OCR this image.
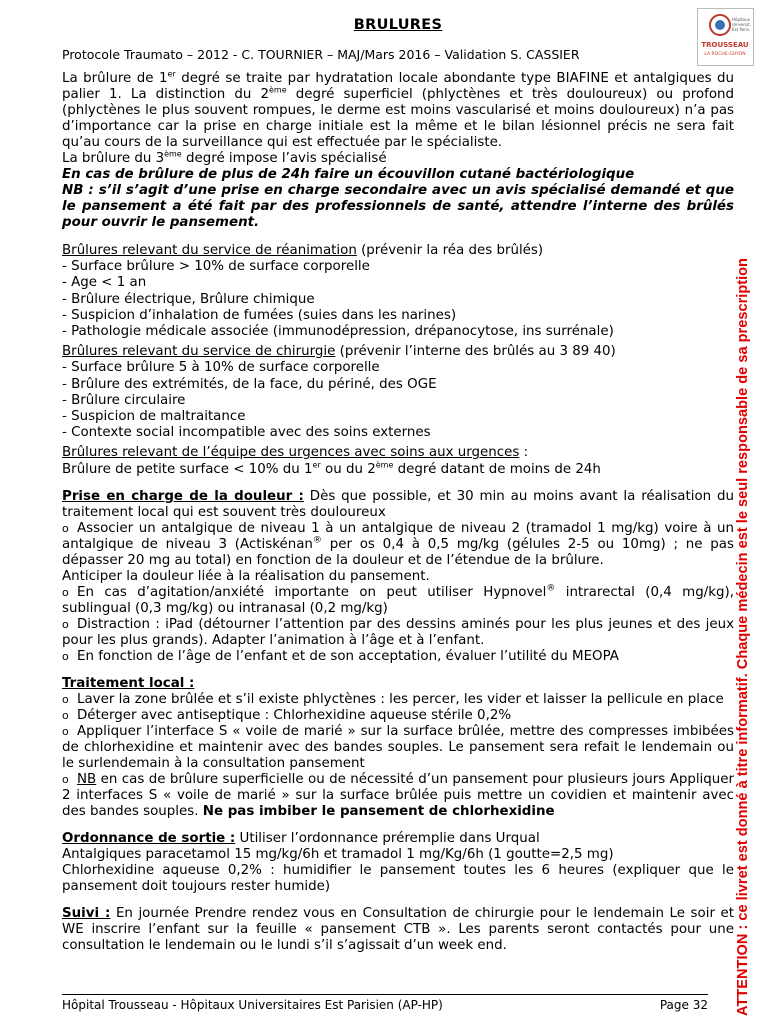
Hôpitaux
Universit.
Est Paris.
TROUSSEAU
LA ROCHE-GUYON
BRULURES
Protocole Traumato – 2012 - C. TOURNIER – MAJ/Mars 2016 – Validation S. CASSIER

La brûlure de 1er degré se traite par hydratation locale abondante type BIAFINE et antalgiques du palier 1. La distinction du 2ème degré superficiel (phlyctènes et très douloureux) ou profond (phlyctènes le plus souvent rompues, le derme est moins vascularisé et moins douloureux) n’a pas d’importance car la prise en charge initiale est la même et le bilan lésionnel précis ne sera fait qu’au cours de la surveillance qui est effectuée par le spécialiste.

La brûlure du 3ème degré impose l’avis spécialisé

En cas de brûlure de plus de 24h faire un écouvillon cutané bactériologique
NB : s’il s’agit d’une prise en charge secondaire avec un avis spécialisé demandé et que le pansement a été fait par des professionnels de santé, attendre l’interne des brûlés pour ouvrir le pansement.
Brûlures relevant du service de réanimation (prévenir la réa des brûlés)
- Surface brûlure > 10% de surface corporelle
- Age < 1 an
- Brûlure électrique, Brûlure chimique
- Suspicion d’inhalation de fumées (suies dans les narines)
- Pathologie médicale associée (immunodépression, drépanocytose, ins surrénale)
Brûlures relevant du service de chirurgie (prévenir l’interne des brûlés au 3 89 40)
- Surface brûlure 5 à 10% de surface corporelle
- Brûlure des extrémités, de la face, du périné, des OGE
- Brûlure circulaire
- Suspicion de maltraitance
- Contexte social incompatible avec des soins externes
Brûlures relevant de l’équipe des urgences avec soins aux urgences :
Brûlure de petite surface < 10% du 1er ou du 2ème degré datant de moins de 24h

Prise en charge de la douleur : Dès que possible, et 30 min au moins avant la réalisation du traitement local qui est souvent très douloureux

o Associer un antalgique de niveau 1 à un antalgique de niveau 2 (tramadol 1 mg/kg) voire à un antalgique de niveau 3 (Actiskénan® per os 0,4 à 0,5 mg/kg (gélules 2-5 ou 10mg) ; ne pas dépasser 20 mg au total) en fonction de la douleur et de l’étendue de la brûlure.

Anticiper la douleur liée à la réalisation du pansement.

o En cas d’agitation/anxiété importante on peut utiliser Hypnovel® intrarectal (0,4 mg/kg), sublingual (0,3 mg/kg) ou intranasal (0,2 mg/kg)

o Distraction : iPad (détourner l’attention par des dessins aminés pour les plus jeunes et des jeux pour les plus grands). Adapter l’animation à l’âge et à l’enfant.

o En fonction de l’âge de l’enfant et de son acceptation, évaluer l’utilité du MEOPA

Traitement local :

o Laver la zone brûlée et s’il existe phlyctènes : les percer, les vider et laisser la pellicule en place

o Déterger avec antiseptique : Chlorhexidine aqueuse stérile 0,2%

o Appliquer l’interface S « voile de marié » sur la surface brûlée, mettre des compresses imbibées de chlorhexidine et maintenir avec des bandes souples. Le pansement sera refait le lendemain ou le surlendemain à la consultation pansement

o NB en cas de brûlure superficielle ou de nécessité d’un pansement pour plusieurs jours Appliquer 2 interfaces S « voile de marié » sur la surface brûlée puis mettre un covidien et maintenir avec des bandes souples. Ne pas imbiber le pansement de chlorhexidine

Ordonnance de sortie : Utiliser l’ordonnance préremplie dans Urqual

Antalgiques paracetamol 15 mg/kg/6h et tramadol 1 mg/Kg/6h (1 goutte=2,5 mg)

Chlorhexidine aqueuse 0,2% : humidifier le pansement toutes les 6 heures (expliquer que le pansement doit toujours rester humide)

Suivi : En journée Prendre rendez vous en Consultation de chirurgie pour le lendemain Le soir et WE inscrire l’enfant sur la feuille « pansement CTB ». Les parents seront contactés pour une consultation le lendemain ou le lundi s’il s’agissait d’un week end.

Hôpital Trousseau - Hôpitaux Universitaires Est Parisien (AP-HP)	Page 32 ATTENTION : ce livret est donné à titre informatif. Chaque médecin est le seul responsable de sa prescription
